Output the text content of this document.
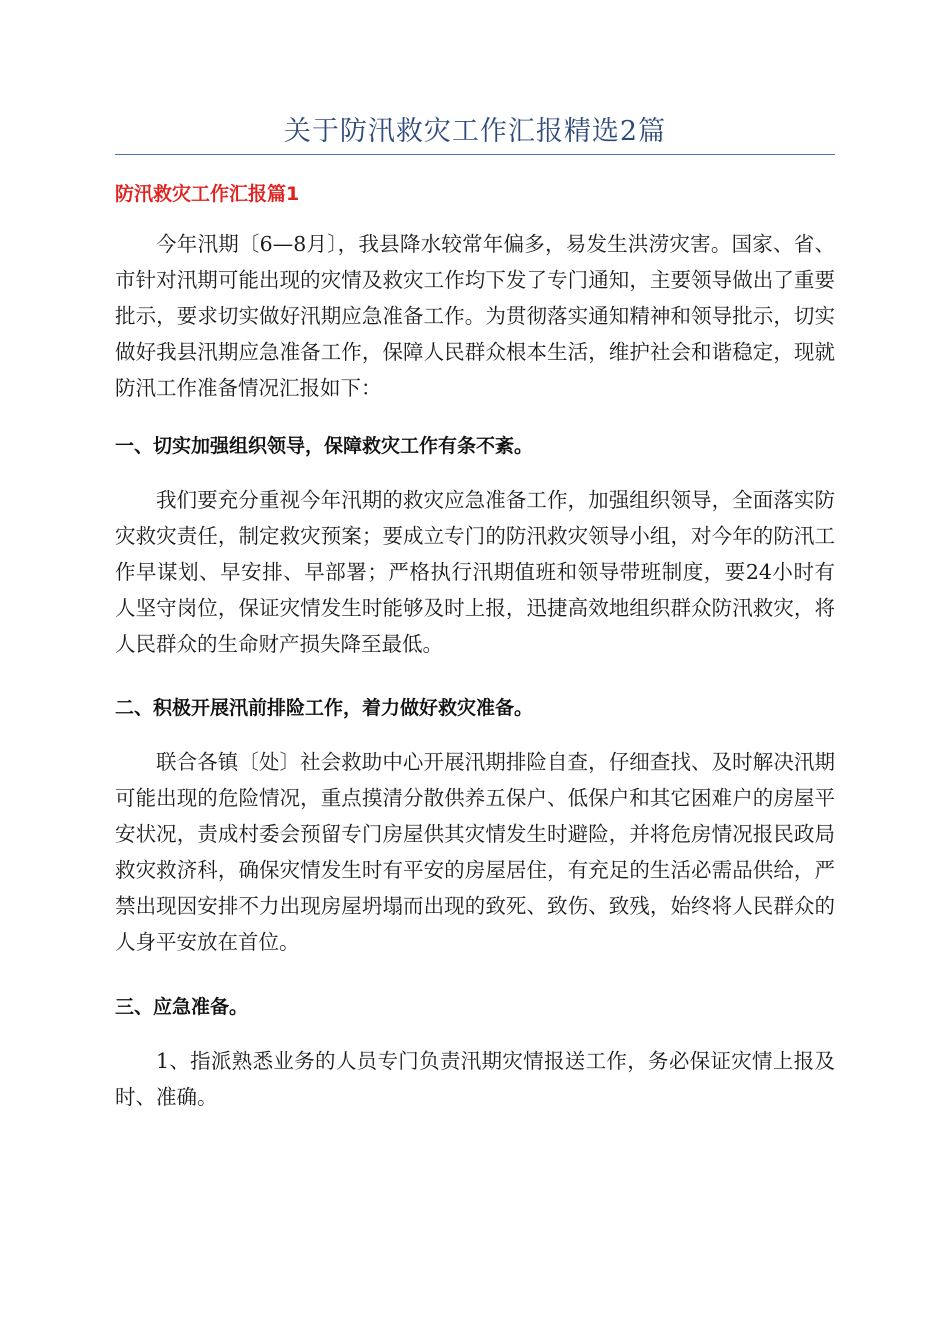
关于防汛救灾工作汇报精选2篇
防汛救灾工作汇报篇1

今年汛期〔6—8月〕，我县降水较常年偏多，易发生洪涝灾害。国家、省、市针对汛期可能出现的灾情及救灾工作均下发了专门通知，主要领导做出了重要批示，要求切实做好汛期应急准备工作。为贯彻落实通知精神和领导批示，切实做好我县汛期应急准备工作，保障人民群众根本生活，维护社会和谐稳定，现就防汛工作准备情况汇报如下：

一、切实加强组织领导，保障救灾工作有条不紊。

我们要充分重视今年汛期的救灾应急准备工作，加强组织领导，全面落实防灾救灾责任，制定救灾预案；要成立专门的防汛救灾领导小组，对今年的防汛工作早谋划、早安排、早部署；严格执行汛期值班和领导带班制度，要24小时有人坚守岗位，保证灾情发生时能够及时上报，迅捷高效地组织群众防汛救灾，将人民群众的生命财产损失降至最低。

二、积极开展汛前排险工作，着力做好救灾准备。

联合各镇〔处〕社会救助中心开展汛期排险自查，仔细查找、及时解决汛期可能出现的危险情况，重点摸清分散供养五保户、低保户和其它困难户的房屋平安状况，责成村委会预留专门房屋供其灾情发生时避险，并将危房情况报民政局救灾救济科，确保灾情发生时有平安的房屋居住，有充足的生活必需品供给，严禁出现因安排不力出现房屋坍塌而出现的致死、致伤、致残，始终将人民群众的人身平安放在首位。

三、应急准备。

1、指派熟悉业务的人员专门负责汛期灾情报送工作，务必保证灾情上报及时、准确。
